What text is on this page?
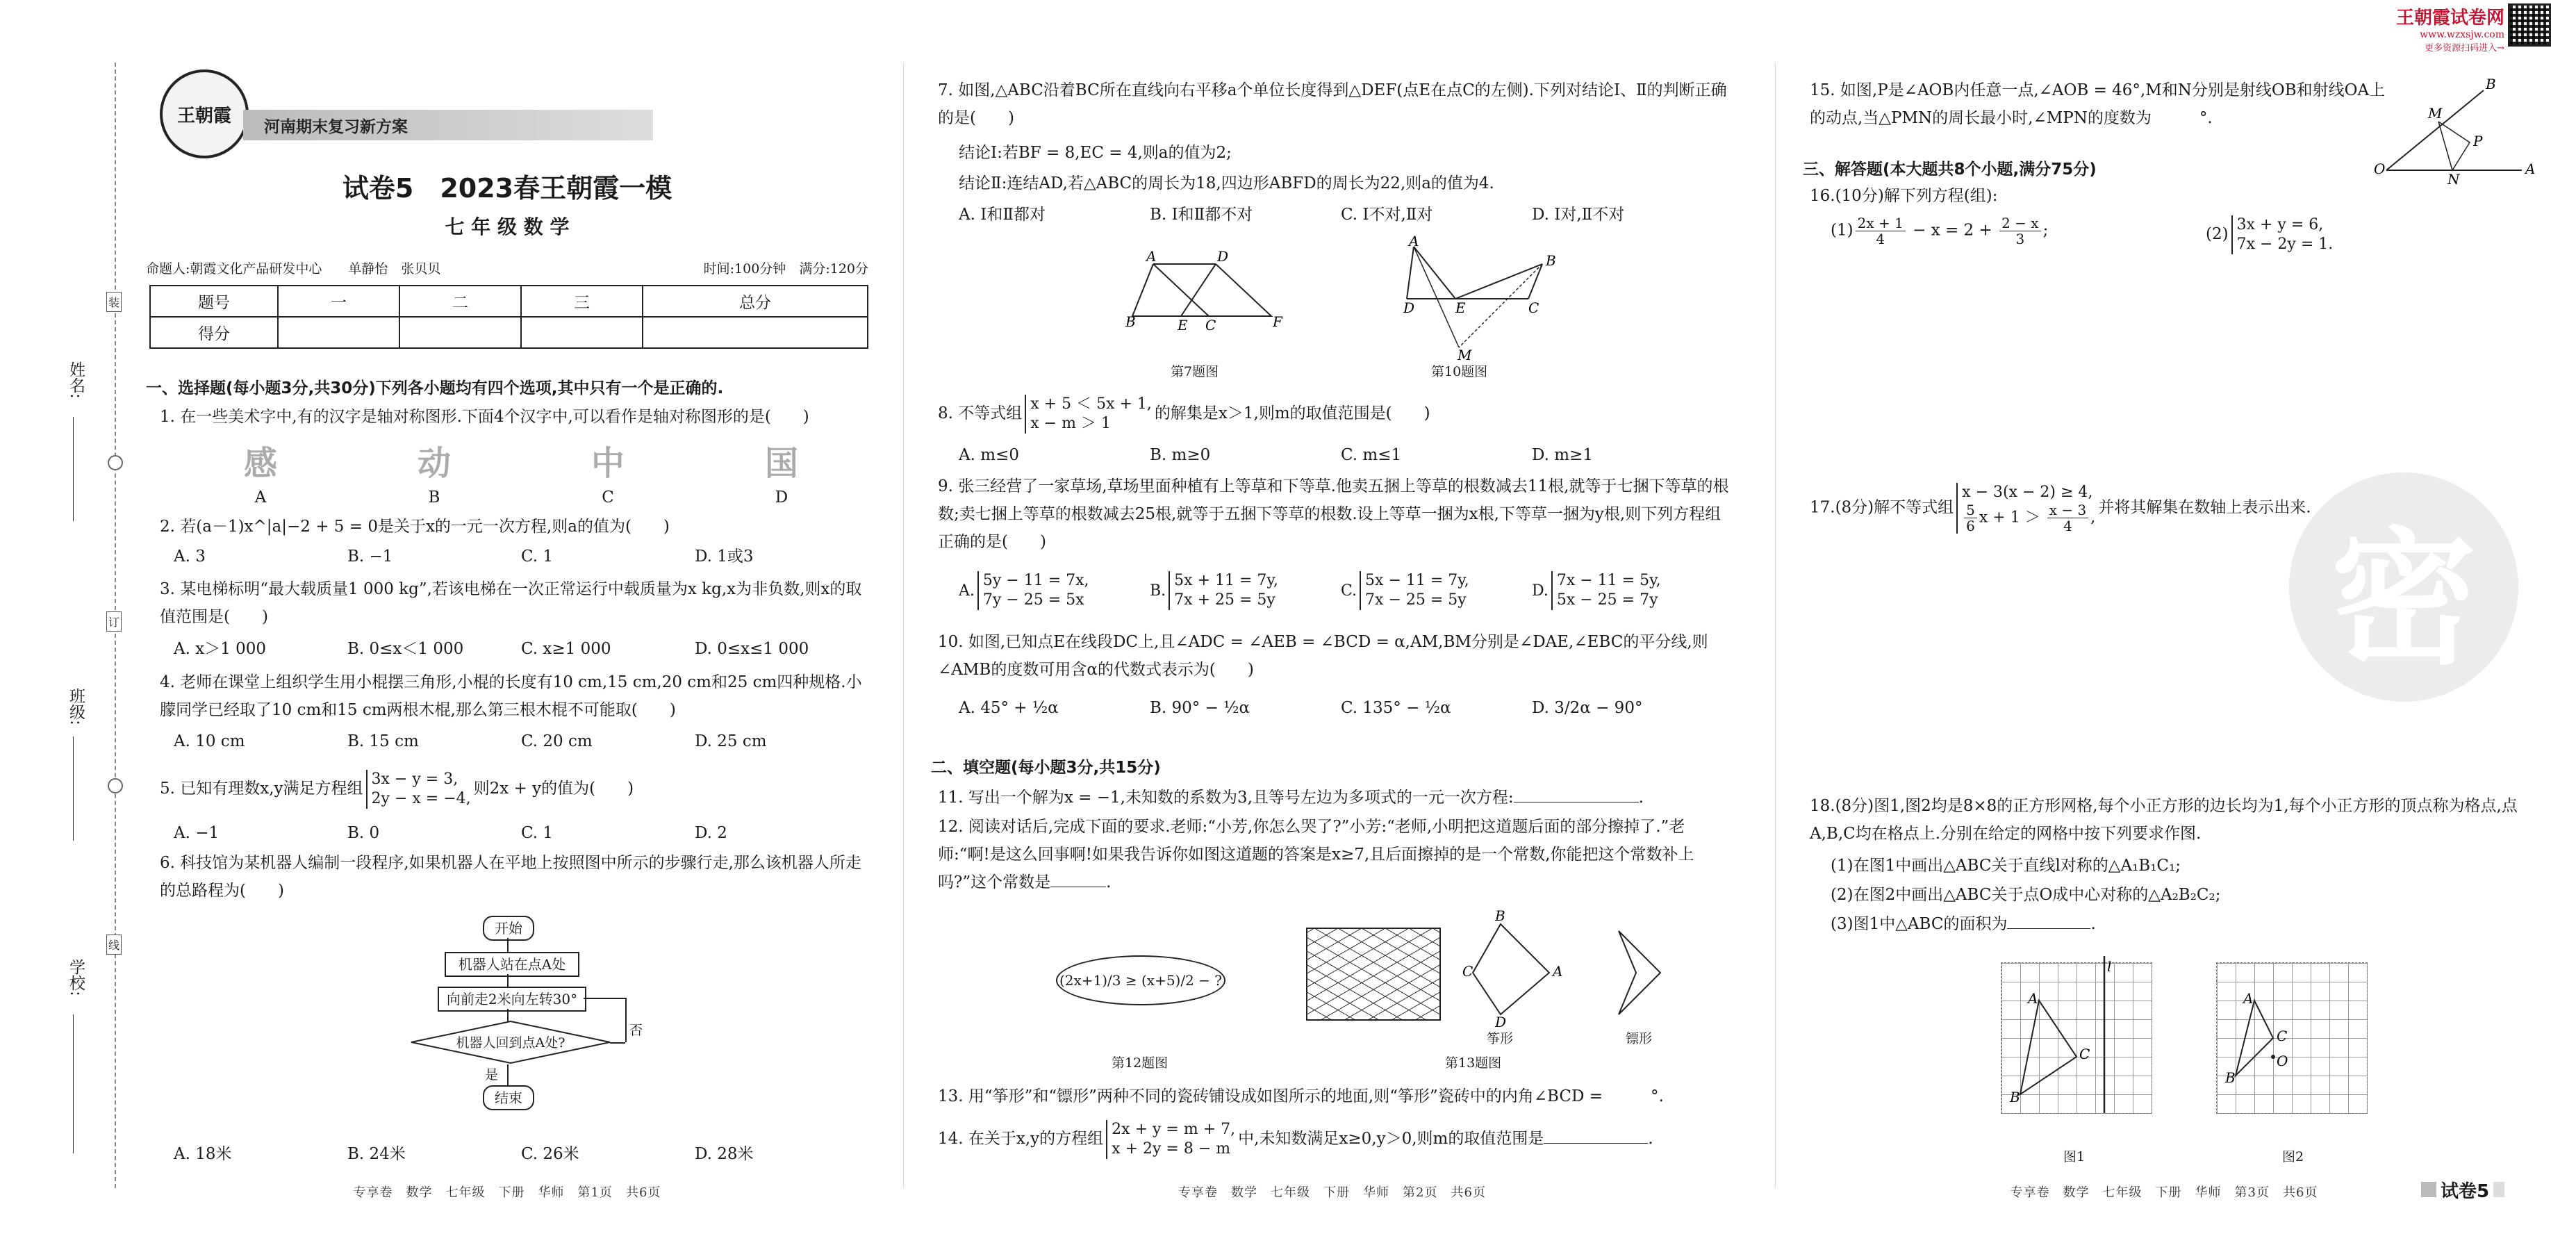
姓名:
班级:
学校:
装
订
线
王朝霞
河南期末复习新方案
试卷5　2023春王朝霞一模
七 年 级 数 学
命题人:朝霞文化产品研发中心　　单静怡　张贝贝	时间:100分钟　满分:120分
题号	一	二	三	总分
得分				
一、选择题(每小题3分,共30分)下列各小题均有四个选项,其中只有一个是正确的.
1. 在一些美术字中,有的汉字是轴对称图形.下面4个汉字中,可以看作是轴对称图形的是(　　)
感
A
动
B
中
C
国
D
2. 若(a－1)x^|a|−2 + 5 = 0是关于x的一元一次方程,则a的值为(　　)
A. 3	B. −1	C. 1	D. 1或3
3. 某电梯标明“最大载质量1 000 kg”,若该电梯在一次正常运行中载质量为x kg,x为非负数,则x的取值范围是(　　)
A. x＞1 000	B. 0≤x＜1 000	C. x≥1 000	D. 0≤x≤1 000
4. 老师在课堂上组织学生用小棍摆三角形,小棍的长度有10 cm,15 cm,20 cm和25 cm四种规格.小朦同学已经取了10 cm和15 cm两根木棍,那么第三根木棍不可能取(　　)
A. 10 cm	B. 15 cm	C. 20 cm	D. 25 cm
5. 已知有理数x,y满足方程组
3x − y = 3,
2y − x = −4,
则2x + y的值为(　　)
A. −1	B. 0	C. 1	D. 2
6. 科技馆为某机器人编制一段程序,如果机器人在平地上按照图中所示的步骤行走,那么该机器人所走的总路程为(　　)
开始
机器人站在点A处
向前走2米向左转30°
机器人回到点A处?
否
是
结束
A. 18米	B. 24米	C. 26米	D. 28米
专享卷　数学　七年级　下册　华师　第1页　共6页
7. 如图,△ABC沿着BC所在直线向右平移a个单位长度得到△DEF(点E在点C的左侧).下列对结论Ⅰ、Ⅱ的判断正确的是(　　)
结论Ⅰ:若BF = 8,EC = 4,则a的值为2;
结论Ⅱ:连结AD,若△ABC的周长为18,四边形ABFD的周长为22,则a的值为4.
A. Ⅰ和Ⅱ都对	B. Ⅰ和Ⅱ都不对	C. Ⅰ不对,Ⅱ对	D. Ⅰ对,Ⅱ不对
A	D
B	E C	F
第7题图
A
B
D	E	C
M
第10题图
8. 不等式组
x + 5 ＜ 5x + 1,
x − m ＞ 1
的解集是x＞1,则m的取值范围是(　　)
A. m≤0	B. m≥0	C. m≤1	D. m≥1
9. 张三经营了一家草场,草场里面种植有上等草和下等草.他卖五捆上等草的根数减去11根,就等于七捆下等草的根数;卖七捆上等草的根数减去25根,就等于五捆下等草的根数.设上等草一捆为x根,下等草一捆为y根,则下列方程组正确的是(　　)
A.
5y − 11 = 7x,
7y − 25 = 5x
B.
5x + 11 = 7y,
7x + 25 = 5y
C.
5x − 11 = 7y,
7x − 25 = 5y
D.
7x − 11 = 5y,
5x − 25 = 7y
10. 如图,已知点E在线段DC上,且∠ADC = ∠AEB = ∠BCD = α,AM,BM分别是∠DAE,∠EBC的平分线,则∠AMB的度数可用含α的代数式表示为(　　)
A. 45° + ½α	B. 90° − ½α	C. 135° − ½α	D. 3/2α − 90°
二、填空题(每小题3分,共15分)
11. 写出一个解为x = −1,未知数的系数为3,且等号左边为多项式的一元一次方程:	.
12. 阅读对话后,完成下面的要求.老师:“小芳,你怎么哭了?”小芳:“老师,小明把这道题后面的部分擦掉了.”老师:“啊!是这么回事啊!如果我告诉你如图这道题的答案是x≥7,且后面擦掉的是一个常数,你能把这个常数补上吗?”这个常数是	.
(2x+1)/3 ≥ (x+5)/2 − ?
第12题图
B
C
D
A
筝形	镖形
第13题图
13. 用“筝形”和“镖形”两种不同的瓷砖铺设成如图所示的地面,则“筝形”瓷砖中的内角∠BCD =　　　°.
14. 在关于x,y的方程组
2x + y = m + 7,
x + 2y = 8 − m
中,未知数满足x≥0,y＞0,则m的取值范围是	.
专享卷　数学　七年级　下册　华师　第2页　共6页
王朝霞试卷网
www.wzxsjw.com
更多资源扫码进入→
15. 如图,P是∠AOB内任意一点,∠AOB = 46°,M和N分别是射线OB和射线OA上的动点,当△PMN的周长最小时,∠MPN的度数为　　　°.
O	A
B
M
P
N
三、解答题(本大题共8个小题,满分75分)
16.(10分)解下列方程(组):
$(1) \frac{2x + 1}{4} - x = 2 + \frac{2 - x}{3}$ ;	(2)
3x + y = 6,
7x − 2y = 1.
密
17.(8分)解不等式组
x − 3(x − 2) ≥ 4,
$\frac{5}{6}$ $x + 1 > \frac{x - 3}{4}$ ,
并将其解集在数轴上表示出来.
18.(8分)图1,图2均是8×8的正方形网格,每个小正方形的边长均为1,每个小正方形的顶点称为格点,点A,B,C均在格点上.分别在给定的网格中按下列要求作图.
(1)在图1中画出△ABC关于直线l对称的△A₁B₁C₁;
(2)在图2中画出△ABC关于点O成中心对称的△A₂B₂C₂;
(3)图1中△ABC的面积为	.
A
B
C
l
图1
A
B
C
O
图2
专享卷　数学　七年级　下册　华师　第3页　共6页	试卷5
